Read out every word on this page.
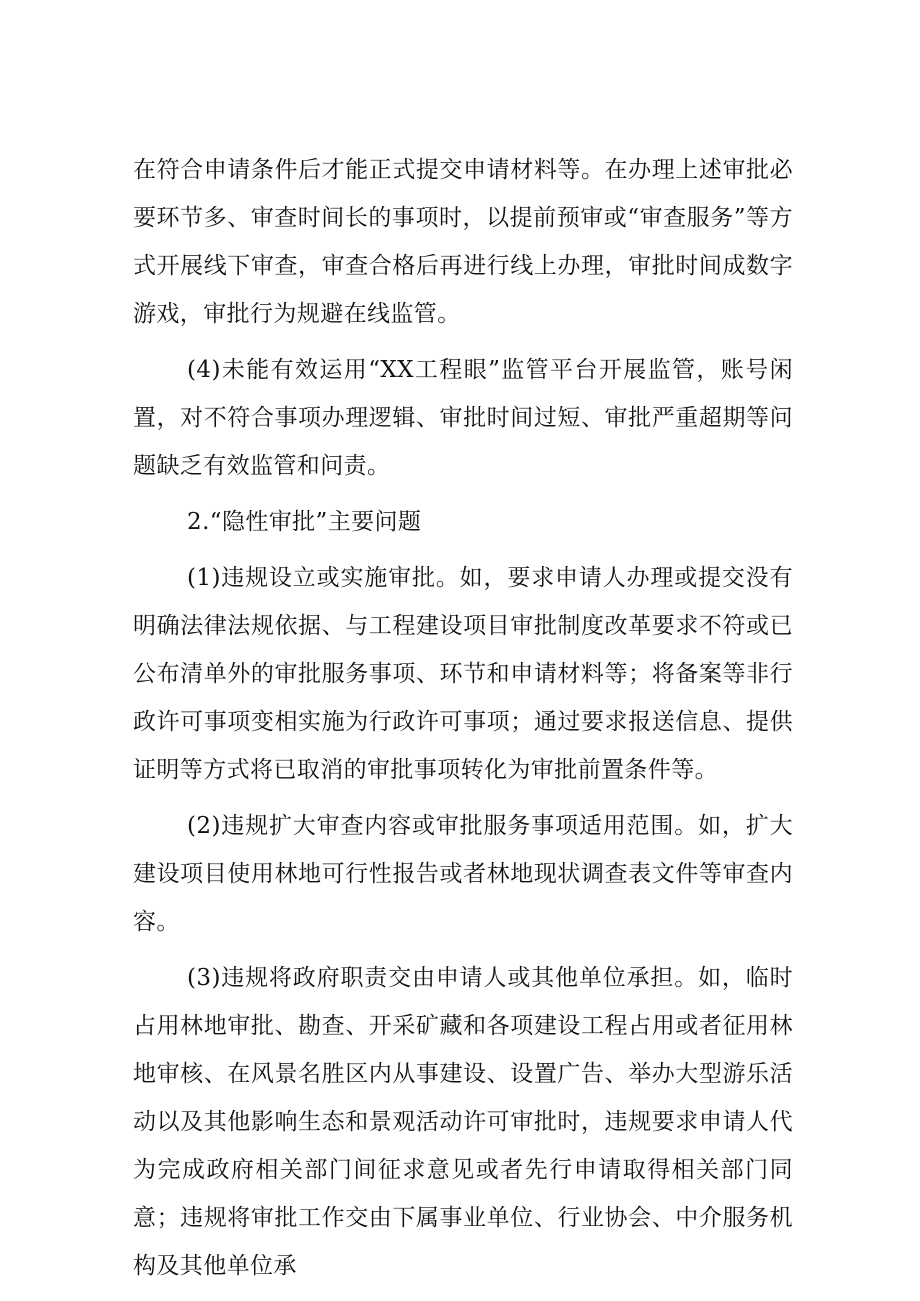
在符合申请条件后才能正式提交申请材料等。在办理上述审批必要环节多、审查时间长的事项时，以提前预审或“审查服务”等方式开展线下审查，审查合格后再进行线上办理，审批时间成数字游戏，审批行为规避在线监管。

(4)未能有效运用“XX工程眼”监管平台开展监管，账号闲置，对不符合事项办理逻辑、审批时间过短、审批严重超期等问题缺乏有效监管和问责。

2.“隐性审批”主要问题

(1)违规设立或实施审批。如，要求申请人办理或提交没有明确法律法规依据、与工程建设项目审批制度改革要求不符或已公布清单外的审批服务事项、环节和申请材料等；将备案等非行政许可事项变相实施为行政许可事项；通过要求报送信息、提供证明等方式将已取消的审批事项转化为审批前置条件等。

(2)违规扩大审查内容或审批服务事项适用范围。如，扩大建设项目使用林地可行性报告或者林地现状调查表文件等审查内容。

(3)违规将政府职责交由申请人或其他单位承担。如，临时占用林地审批、勘查、开采矿藏和各项建设工程占用或者征用林地审核、在风景名胜区内从事建设、设置广告、举办大型游乐活动以及其他影响生态和景观活动许可审批时，违规要求申请人代为完成政府相关部门间征求意见或者先行申请取得相关部门同意；违规将审批工作交由下属事业单位、行业协会、中介服务机构及其他单位承
